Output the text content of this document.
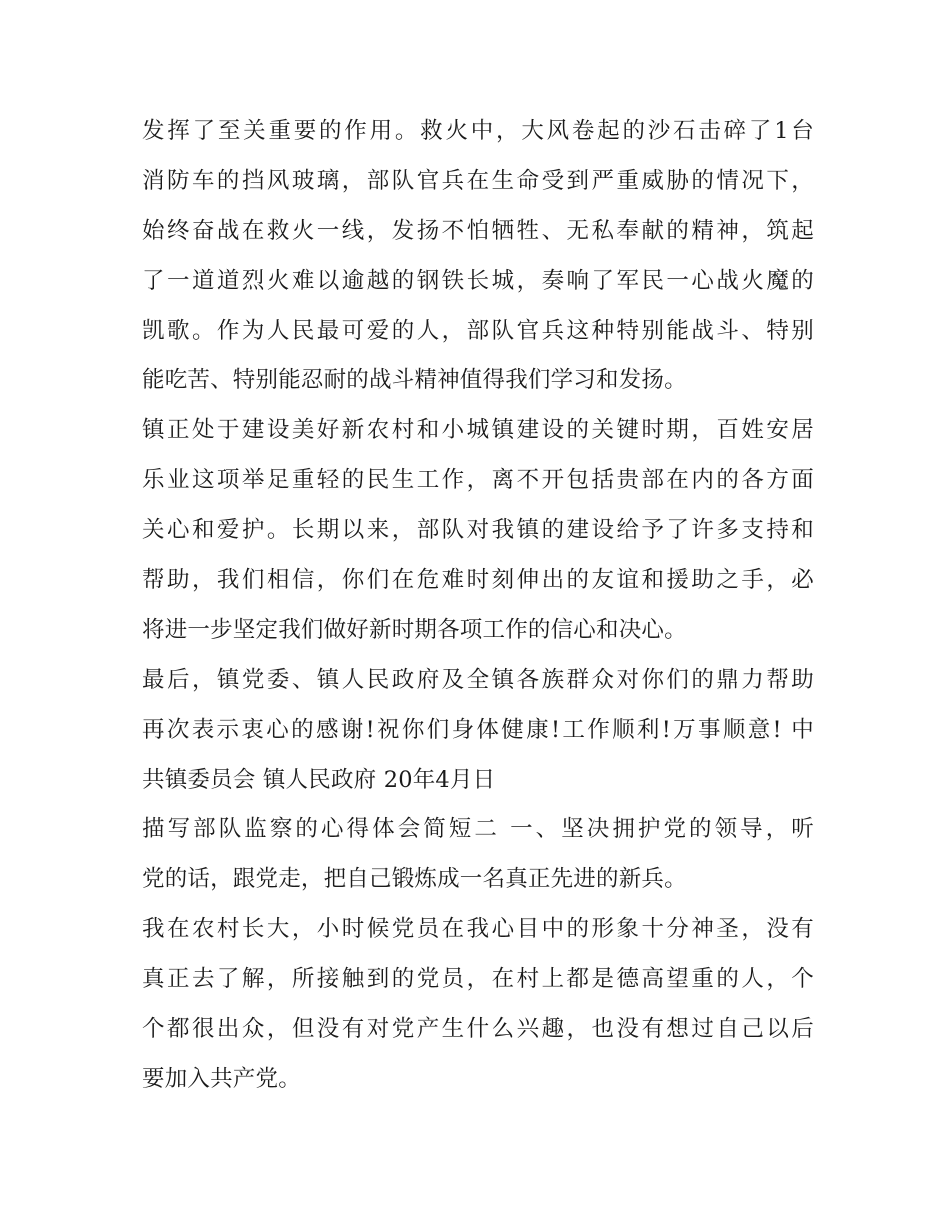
发挥了至关重要的作用。救火中，大风卷起的沙石击碎了1台
消防车的挡风玻璃，部队官兵在生命受到严重威胁的情况下，
始终奋战在救火一线，发扬不怕牺牲、无私奉献的精神，筑起
了一道道烈火难以逾越的钢铁长城，奏响了军民一心战火魔的
凯歌。作为人民最可爱的人，部队官兵这种特别能战斗、特别
能吃苦、特别能忍耐的战斗精神值得我们学习和发扬。
镇正处于建设美好新农村和小城镇建设的关键时期，百姓安居
乐业这项举足重轻的民生工作，离不开包括贵部在内的各方面
关心和爱护。长期以来，部队对我镇的建设给予了许多支持和
帮助，我们相信，你们在危难时刻伸出的友谊和援助之手，必
将进一步坚定我们做好新时期各项工作的信心和决心。
最后，镇党委、镇人民政府及全镇各族群众对你们的鼎力帮助
再次表示衷心的感谢!祝你们身体健康!工作顺利!万事顺意! 中
共镇委员会 镇人民政府 20年4月日
描写部队监察的心得体会简短二 一、坚决拥护党的领导，听
党的话，跟党走，把自己锻炼成一名真正先进的新兵。
我在农村长大，小时候党员在我心目中的形象十分神圣，没有
真正去了解，所接触到的党员，在村上都是德高望重的人，个
个都很出众，但没有对党产生什么兴趣，也没有想过自己以后
要加入共产党。
